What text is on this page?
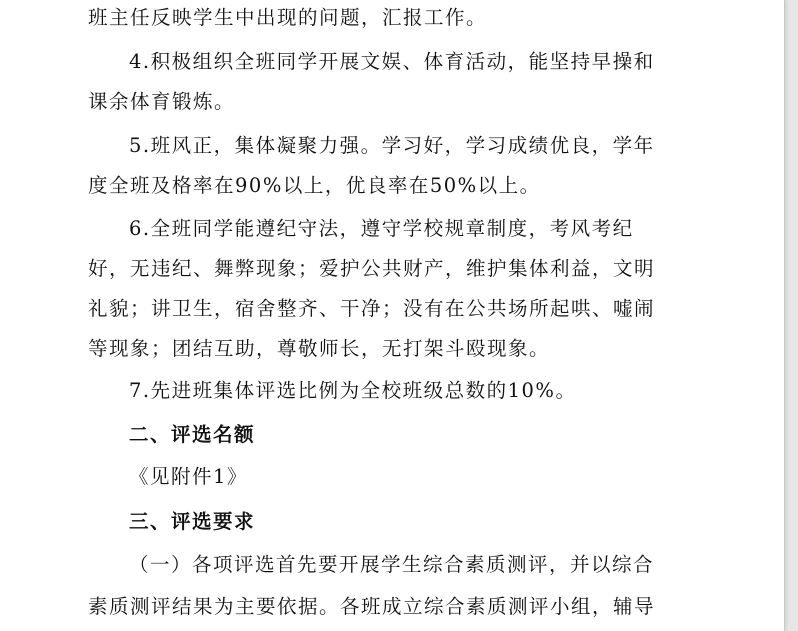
班主任反映学生中出现的问题，汇报工作。

4.积极组织全班同学开展文娱、体育活动，能坚持早操和

课余体育锻炼。

5.班风正，集体凝聚力强。学习好，学习成绩优良，学年

度全班及格率在90%以上，优良率在50%以上。

6.全班同学能遵纪守法，遵守学校规章制度，考风考纪

好，无违纪、舞弊现象；爱护公共财产，维护集体利益，文明

礼貌；讲卫生，宿舍整齐、干净；没有在公共场所起哄、嘘闹

等现象；团结互助，尊敬师长，无打架斗殴现象。

7.先进班集体评选比例为全校班级总数的10%。

二、评选名额

《见附件1》

三、评选要求

（一）各项评选首先要开展学生综合素质测评，并以综合

素质测评结果为主要依据。各班成立综合素质测评小组，辅导
